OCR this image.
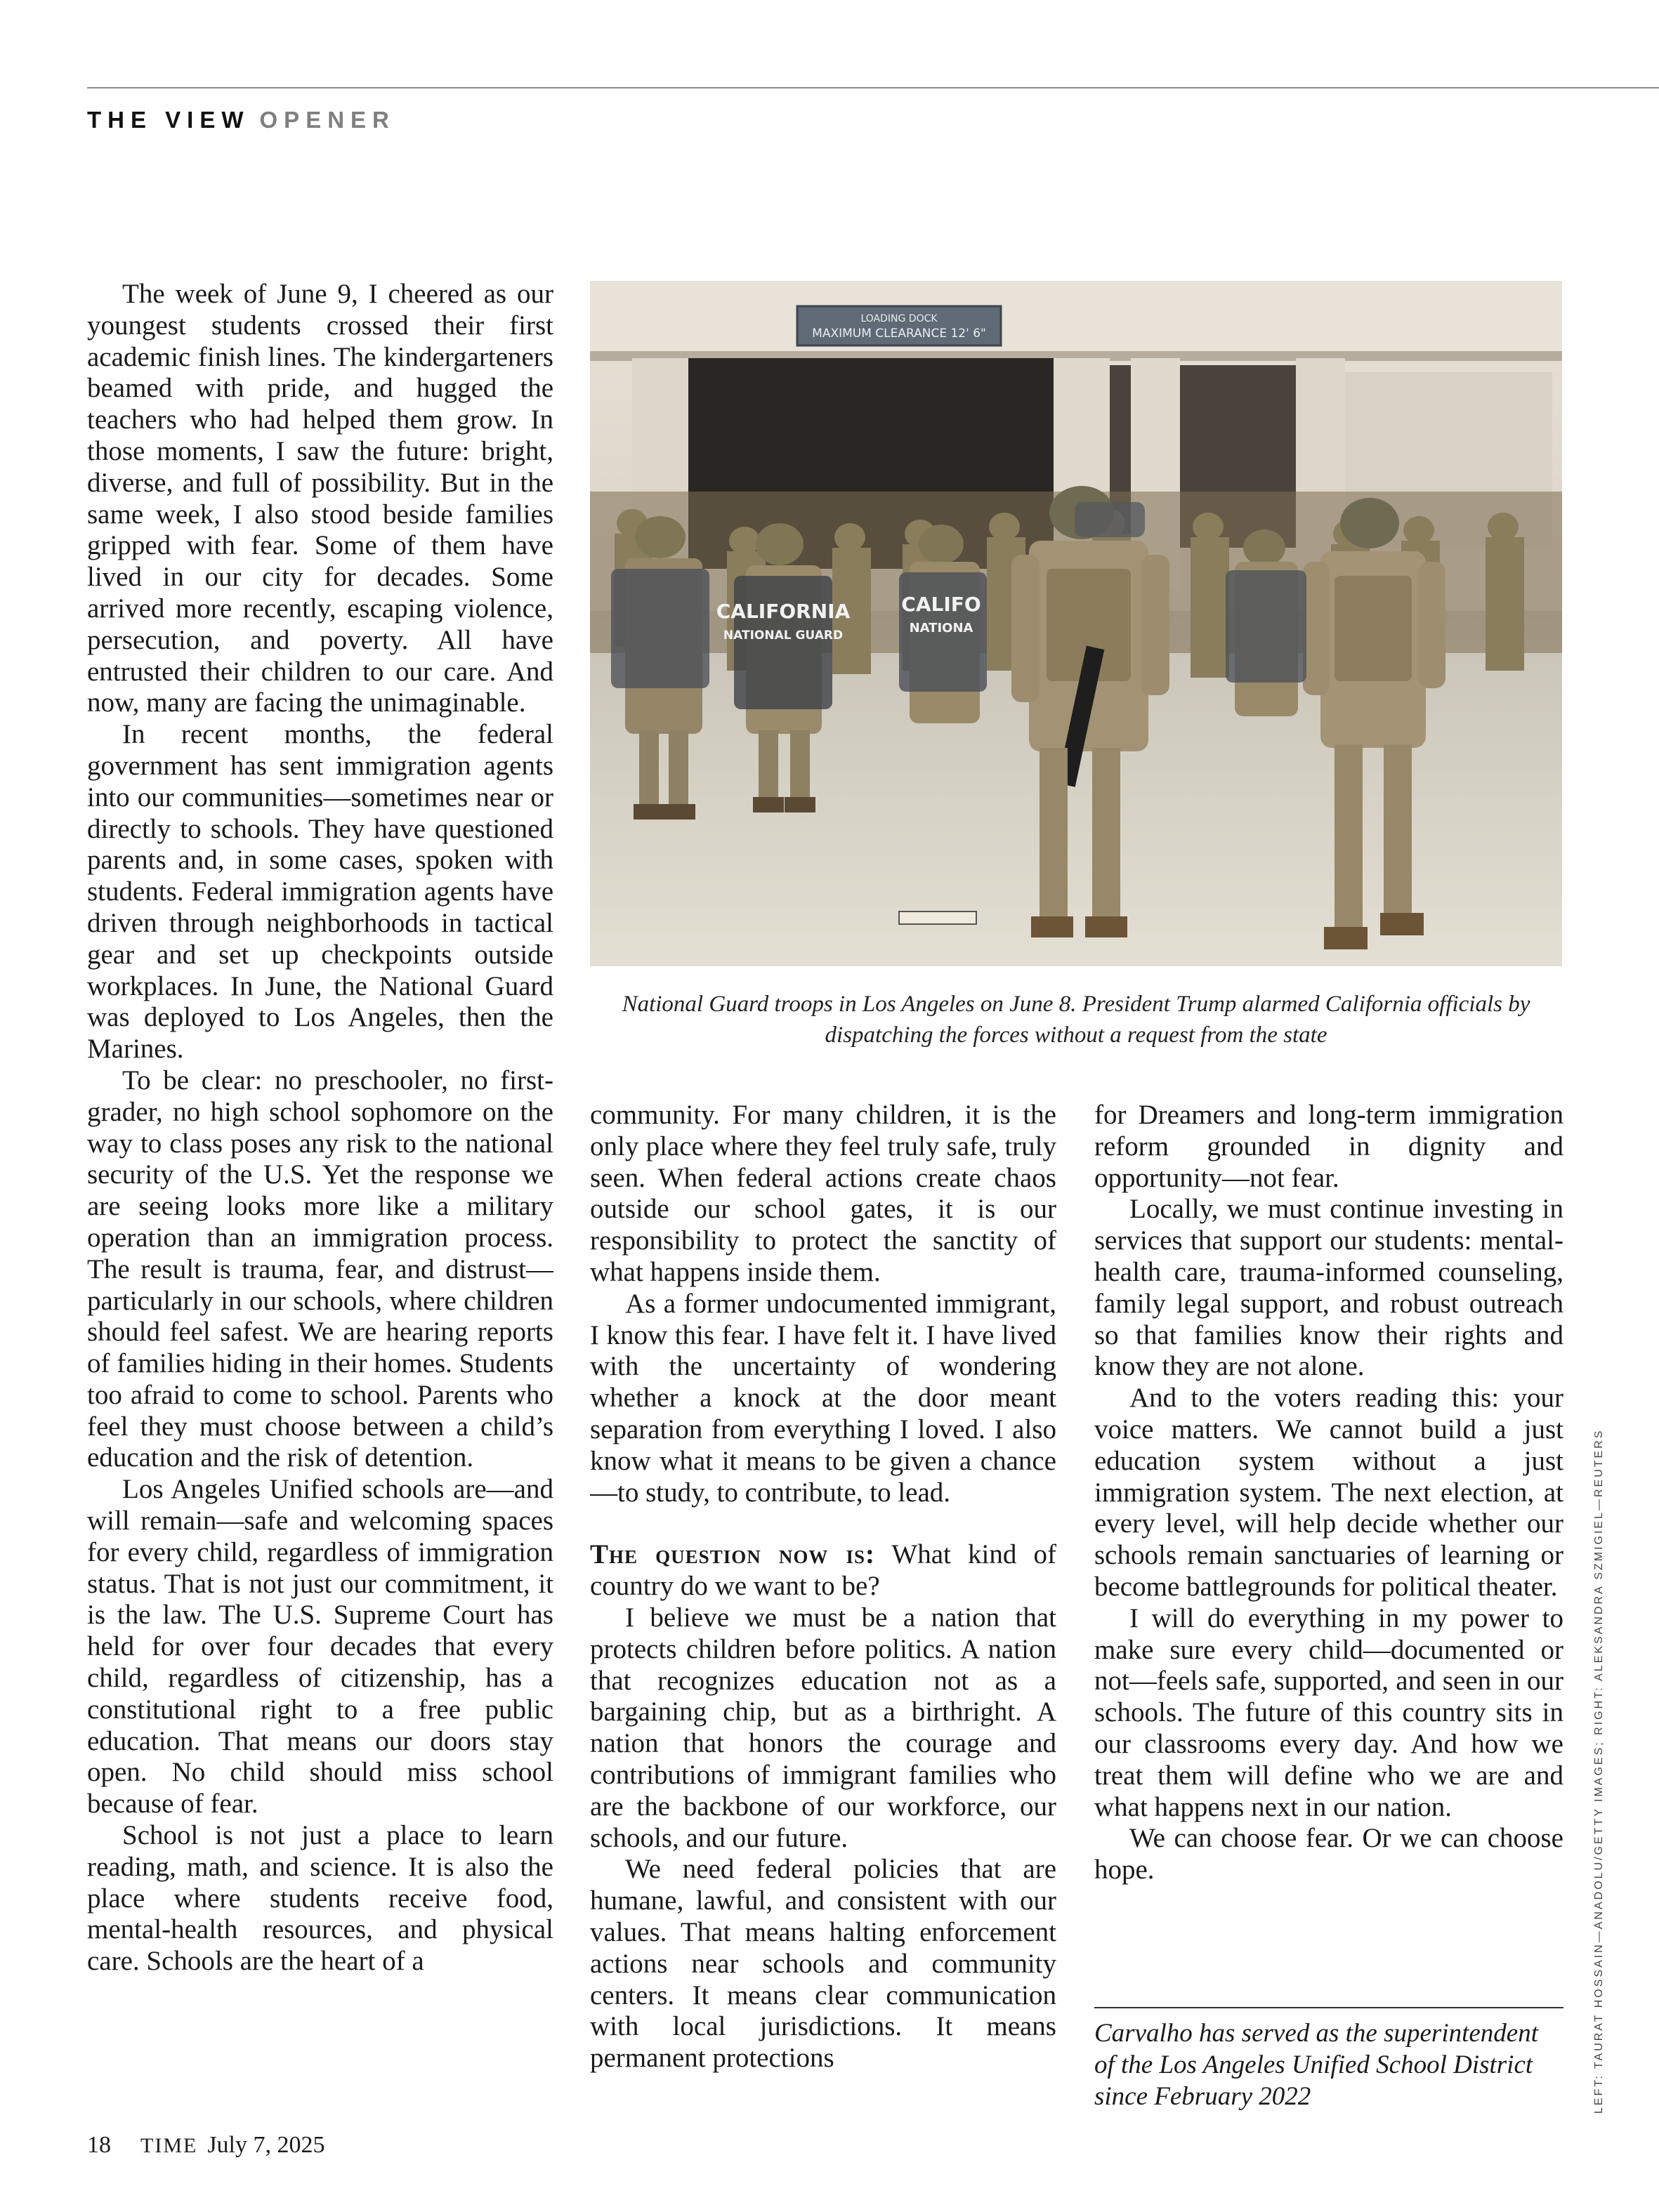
THE VIEW OPENER

The week of June 9, I cheered as our youngest students crossed their first academic finish lines. The kindergarteners beamed with pride, and hugged the teachers who had helped them grow. In those moments, I saw the future: bright, diverse, and full of possibility. But in the same week, I also stood beside families gripped with fear. Some of them have lived in our city for decades. Some arrived more recently, escaping violence, persecution, and poverty. All have entrusted their children to our care. And now, many are facing the unimaginable.

In recent months, the federal government has sent immigration agents into our communities—sometimes near or directly to schools. They have questioned parents and, in some cases, spoken with students. Federal immigration agents have driven through neighborhoods in tactical gear and set up checkpoints outside workplaces. In June, the National Guard was deployed to Los Angeles, then the Marines.

To be clear: no preschooler, no first-grader, no high school sophomore on the way to class poses any risk to the national security of the U.S. Yet the response we are seeing looks more like a military operation than an immigration process. The result is trauma, fear, and distrust—particularly in our schools, where children should feel safest. We are hearing reports of families hiding in their homes. Students too afraid to come to school. Parents who feel they must choose between a child’s education and the risk of detention.

Los Angeles Unified schools are—and will remain—safe and welcoming spaces for every child, regardless of immigration status. That is not just our commitment, it is the law. The U.S. Supreme Court has held for over four decades that every child, regardless of citizenship, has a constitutional right to a free public education. That means our doors stay open. No child should miss school because of fear.

School is not just a place to learn reading, math, and science. It is also the place where students receive food, mental-health resources, and physical care. Schools are the heart of a

LOADING DOCK
MAXIMUM CLEARANCE 12' 6"
CALIFORNIA
NATIONAL GUARD
CALIFO
NATIONA
National Guard troops in Los Angeles on June 8. President Trump alarmed California officials by dispatching the forces without a request from the state

community. For many children, it is the only place where they feel truly safe, truly seen. When federal actions create chaos outside our school gates, it is our responsibility to protect the sanctity of what happens inside them.

As a former undocumented immigrant, I know this fear. I have felt it. I have lived with the uncertainty of wondering whether a knock at the door meant separation from everything I loved. I also know what it means to be given a chance—to study, to contribute, to lead.

The question now is: What kind of country do we want to be?

I believe we must be a nation that protects children before politics. A nation that recognizes education not as a bargaining chip, but as a birthright. A nation that honors the courage and contributions of immigrant families who are the backbone of our workforce, our schools, and our future.

We need federal policies that are humane, lawful, and consistent with our values. That means halting enforcement actions near schools and community centers. It means clear communication with local jurisdictions. It means permanent protections

for Dreamers and long-term immigration reform grounded in dignity and opportunity—not fear.

Locally, we must continue investing in services that support our students: mental-health care, trauma-informed counseling, family legal support, and robust outreach so that families know their rights and know they are not alone.

And to the voters reading this: your voice matters. We cannot build a just education system without a just immigration system. The next election, at every level, will help decide whether our schools remain sanctuaries of learning or become battlegrounds for political theater.

I will do everything in my power to make sure every child—documented or not—feels safe, supported, and seen in our schools. The future of this country sits in our classrooms every day. And how we treat them will define who we are and what happens next in our nation.

We can choose fear. Or we can choose hope.

Carvalho has served as the superintendent of the Los Angeles Unified School District since February 2022	LEFT: TAURAT HOSSAIN—ANADOLU/GETTY IMAGES; RIGHT: ALEKSANDRA SZMIGIEL—REUTERS
18 TIME July 7, 2025
